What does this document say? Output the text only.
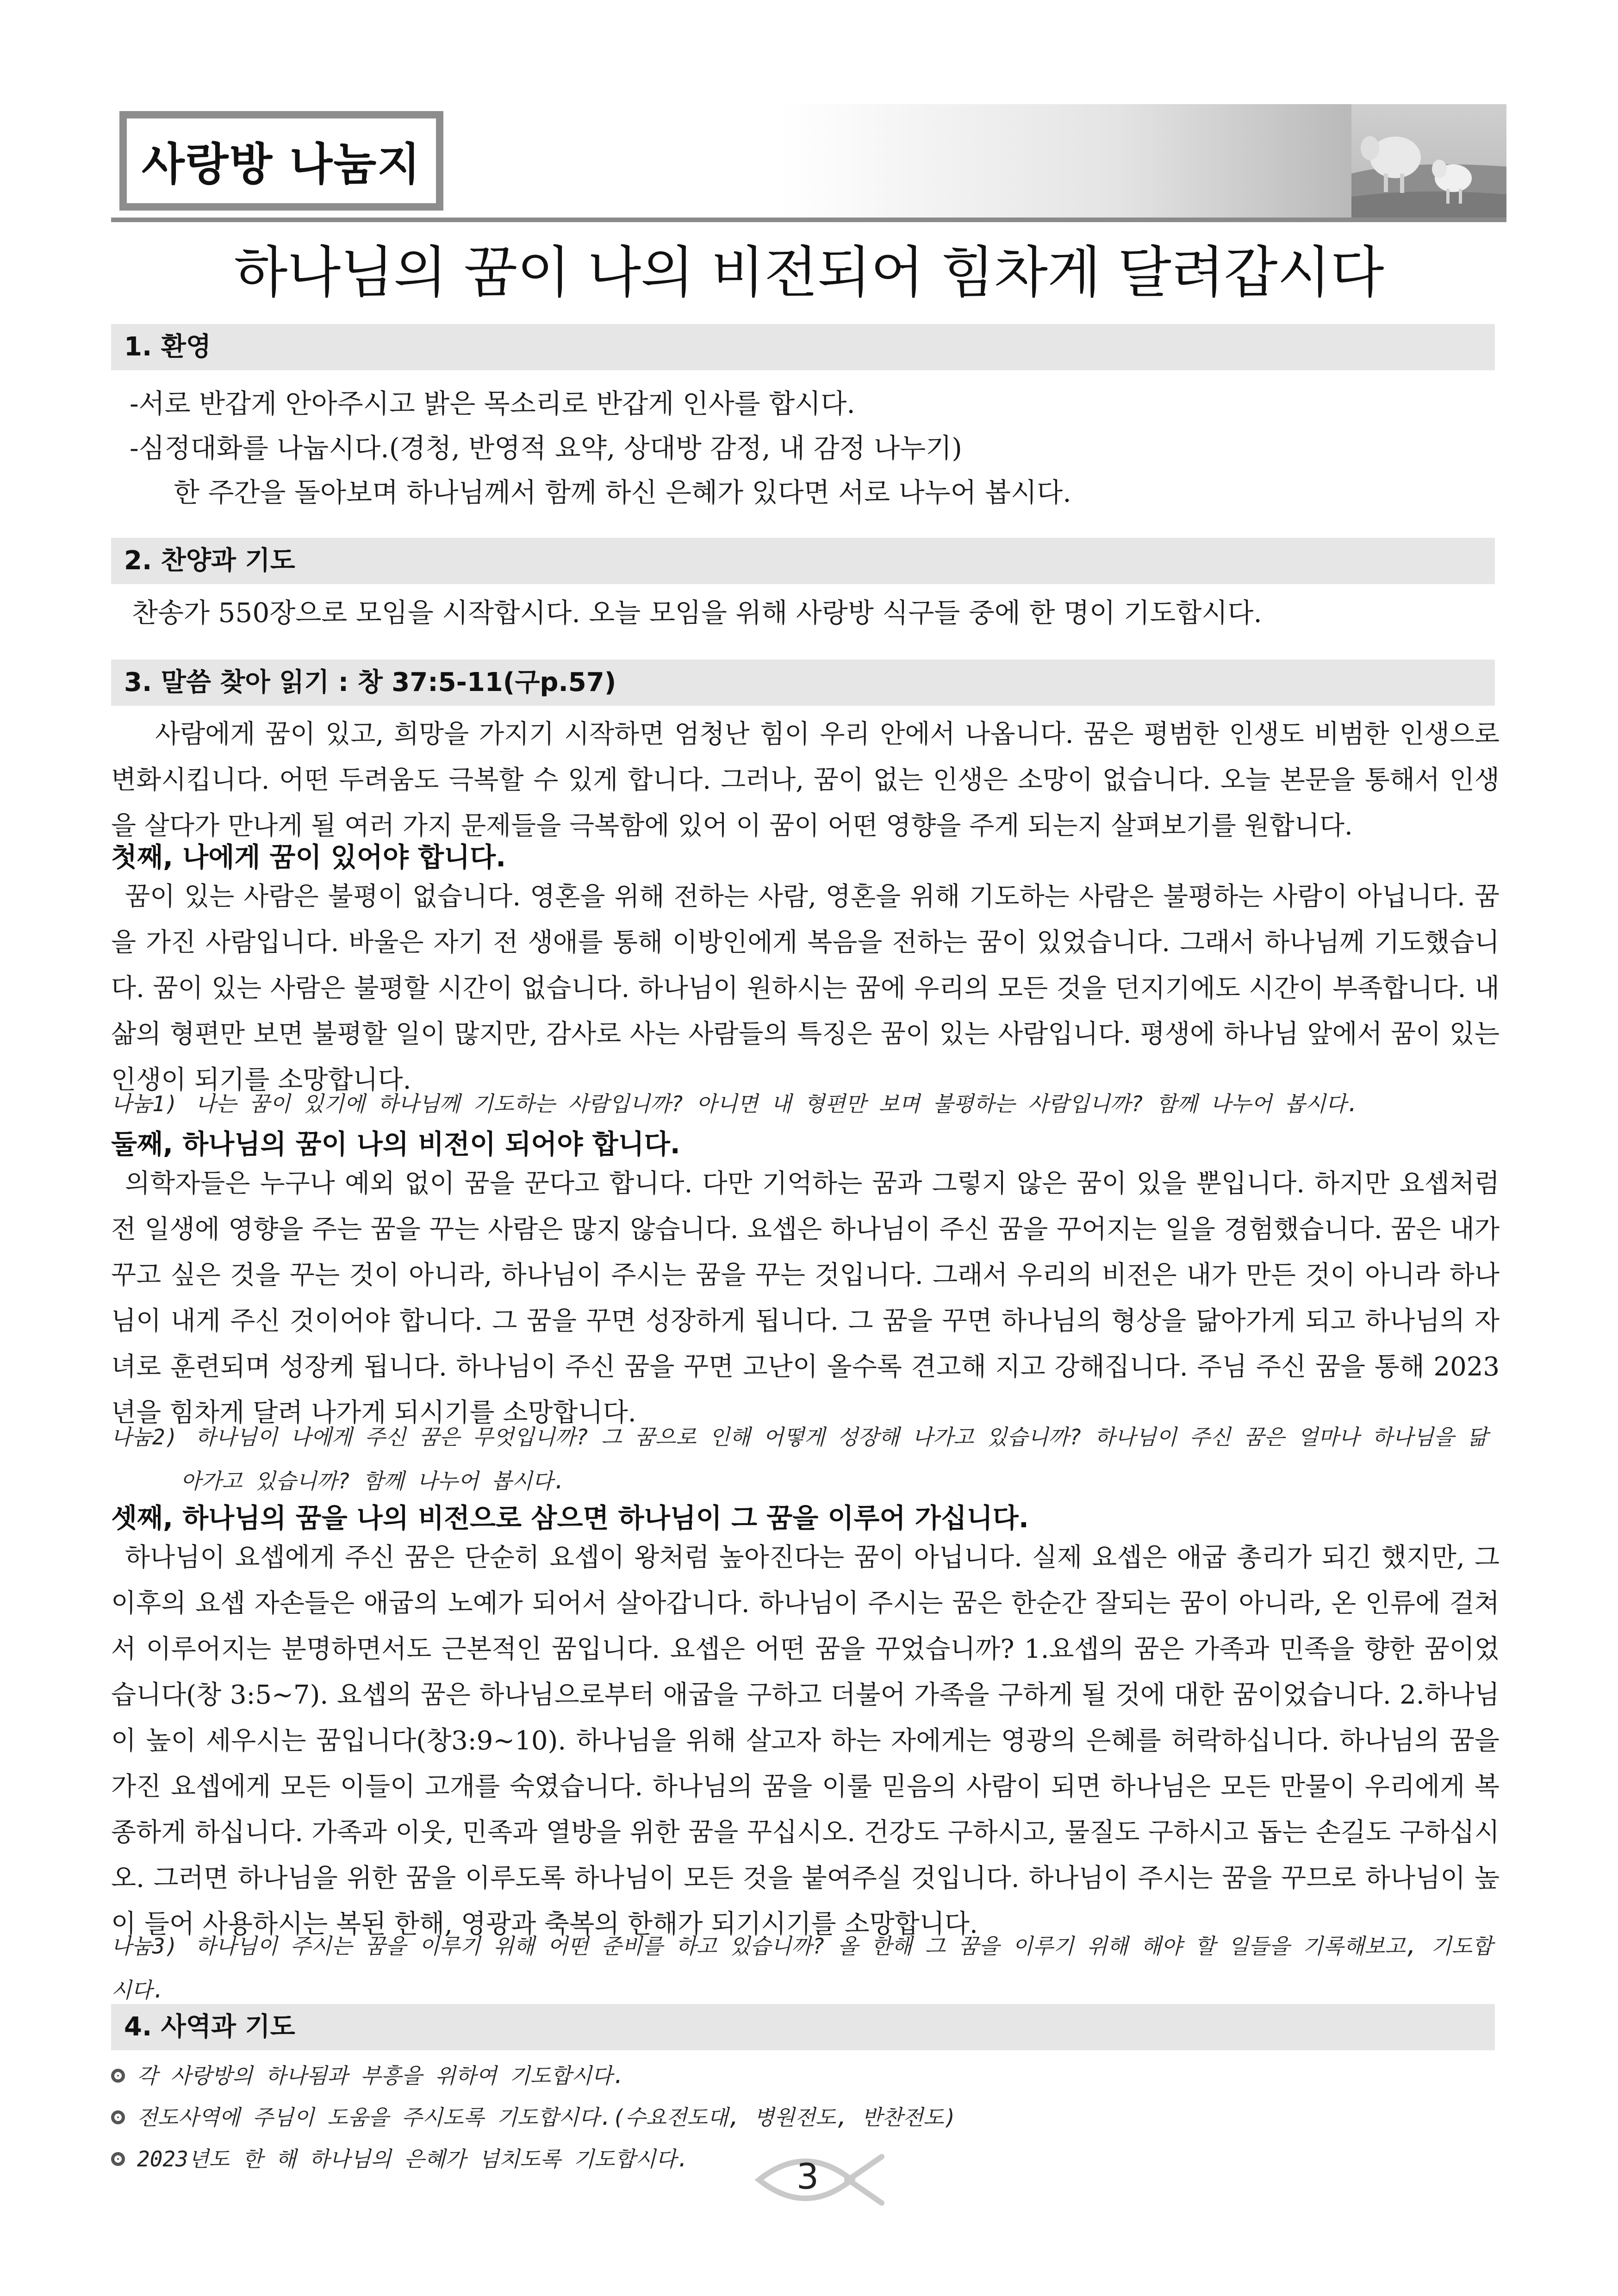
사랑방 나눔지
하나님의 꿈이 나의 비전되어 힘차게 달려갑시다
1. 환영
-서로 반갑게 안아주시고 밝은 목소리로 반갑게 인사를 합시다.
-심정대화를 나눕시다.(경청, 반영적 요약, 상대방 감정, 내 감정 나누기)
한 주간을 돌아보며 하나님께서 함께 하신 은혜가 있다면 서로 나누어 봅시다.
2. 찬양과 기도
찬송가 550장으로 모임을 시작합시다. 오늘 모임을 위해 사랑방 식구들 중에 한 명이 기도합시다.
3. 말씀 찾아 읽기 : 창 37:5-11(구p.57)
사람에게 꿈이 있고, 희망을 가지기 시작하면 엄청난 힘이 우리 안에서 나옵니다. 꿈은 평범한 인생도 비범한 인생으로 변화시킵니다. 어떤 두려움도 극복할 수 있게 합니다. 그러나, 꿈이 없는 인생은 소망이 없습니다. 오늘 본문을 통해서 인생을 살다가 만나게 될 여러 가지 문제들을 극복함에 있어 이 꿈이 어떤 영향을 주게 되는지 살펴보기를 원합니다.
첫째, 나에게 꿈이 있어야 합니다.
꿈이 있는 사람은 불평이 없습니다. 영혼을 위해 전하는 사람, 영혼을 위해 기도하는 사람은 불평하는 사람이 아닙니다. 꿈을 가진 사람입니다. 바울은 자기 전 생애를 통해 이방인에게 복음을 전하는 꿈이 있었습니다. 그래서 하나님께 기도했습니다. 꿈이 있는 사람은 불평할 시간이 없습니다. 하나님이 원하시는 꿈에 우리의 모든 것을 던지기에도 시간이 부족합니다. 내 삶의 형편만 보면 불평할 일이 많지만, 감사로 사는 사람들의 특징은 꿈이 있는 사람입니다. 평생에 하나님 앞에서 꿈이 있는 인생이 되기를 소망합니다.
나눔1) 나는 꿈이 있기에 하나님께 기도하는 사람입니까? 아니면 내 형편만 보며 불평하는 사람입니까? 함께 나누어 봅시다.
둘째, 하나님의 꿈이 나의 비전이 되어야 합니다.
의학자들은 누구나 예외 없이 꿈을 꾼다고 합니다. 다만 기억하는 꿈과 그렇지 않은 꿈이 있을 뿐입니다. 하지만 요셉처럼 전 일생에 영향을 주는 꿈을 꾸는 사람은 많지 않습니다. 요셉은 하나님이 주신 꿈을 꾸어지는 일을 경험했습니다. 꿈은 내가 꾸고 싶은 것을 꾸는 것이 아니라, 하나님이 주시는 꿈을 꾸는 것입니다. 그래서 우리의 비전은 내가 만든 것이 아니라 하나님이 내게 주신 것이어야 합니다. 그 꿈을 꾸면 성장하게 됩니다. 그 꿈을 꾸면 하나님의 형상을 닮아가게 되고 하나님의 자녀로 훈련되며 성장케 됩니다. 하나님이 주신 꿈을 꾸면 고난이 올수록 견고해 지고 강해집니다. 주님 주신 꿈을 통해 2023년을 힘차게 달려 나가게 되시기를 소망합니다.
나눔2) 하나님이 나에게 주신 꿈은 무엇입니까? 그 꿈으로 인해 어떻게 성장해 나가고 있습니까? 하나님이 주신 꿈은 얼마나 하나님을 닮
아가고 있습니까? 함께 나누어 봅시다.
셋째, 하나님의 꿈을 나의 비전으로 삼으면 하나님이 그 꿈을 이루어 가십니다.
하나님이 요셉에게 주신 꿈은 단순히 요셉이 왕처럼 높아진다는 꿈이 아닙니다. 실제 요셉은 애굽 총리가 되긴 했지만, 그 이후의 요셉 자손들은 애굽의 노예가 되어서 살아갑니다. 하나님이 주시는 꿈은 한순간 잘되는 꿈이 아니라, 온 인류에 걸쳐서 이루어지는 분명하면서도 근본적인 꿈입니다. 요셉은 어떤 꿈을 꾸었습니까? 1.요셉의 꿈은 가족과 민족을 향한 꿈이었습니다(창 3:5~7). 요셉의 꿈은 하나님으로부터 애굽을 구하고 더불어 가족을 구하게 될 것에 대한 꿈이었습니다. 2.하나님이 높이 세우시는 꿈입니다(창3:9~10). 하나님을 위해 살고자 하는 자에게는 영광의 은혜를 허락하십니다. 하나님의 꿈을 가진 요셉에게 모든 이들이 고개를 숙였습니다. 하나님의 꿈을 이룰 믿음의 사람이 되면 하나님은 모든 만물이 우리에게 복종하게 하십니다. 가족과 이웃, 민족과 열방을 위한 꿈을 꾸십시오. 건강도 구하시고, 물질도 구하시고 돕는 손길도 구하십시오. 그러면 하나님을 위한 꿈을 이루도록 하나님이 모든 것을 붙여주실 것입니다. 하나님이 주시는 꿈을 꾸므로 하나님이 높이 들어 사용하시는 복된 한해, 영광과 축복의 한해가 되기시기를 소망합니다.
나눔3) 하나님이 주시는 꿈을 이루기 위해 어떤 준비를 하고 있습니까? 올 한해 그 꿈을 이루기 위해 해야 할 일들을 기록해보고, 기도합시다.
4. 사역과 기도
각 사랑방의 하나됨과 부흥을 위하여 기도합시다.
전도사역에 주님이 도움을 주시도록 기도합시다.(수요전도대, 병원전도, 반찬전도)
2023년도 한 해 하나님의 은혜가 넘치도록 기도합시다.	3
